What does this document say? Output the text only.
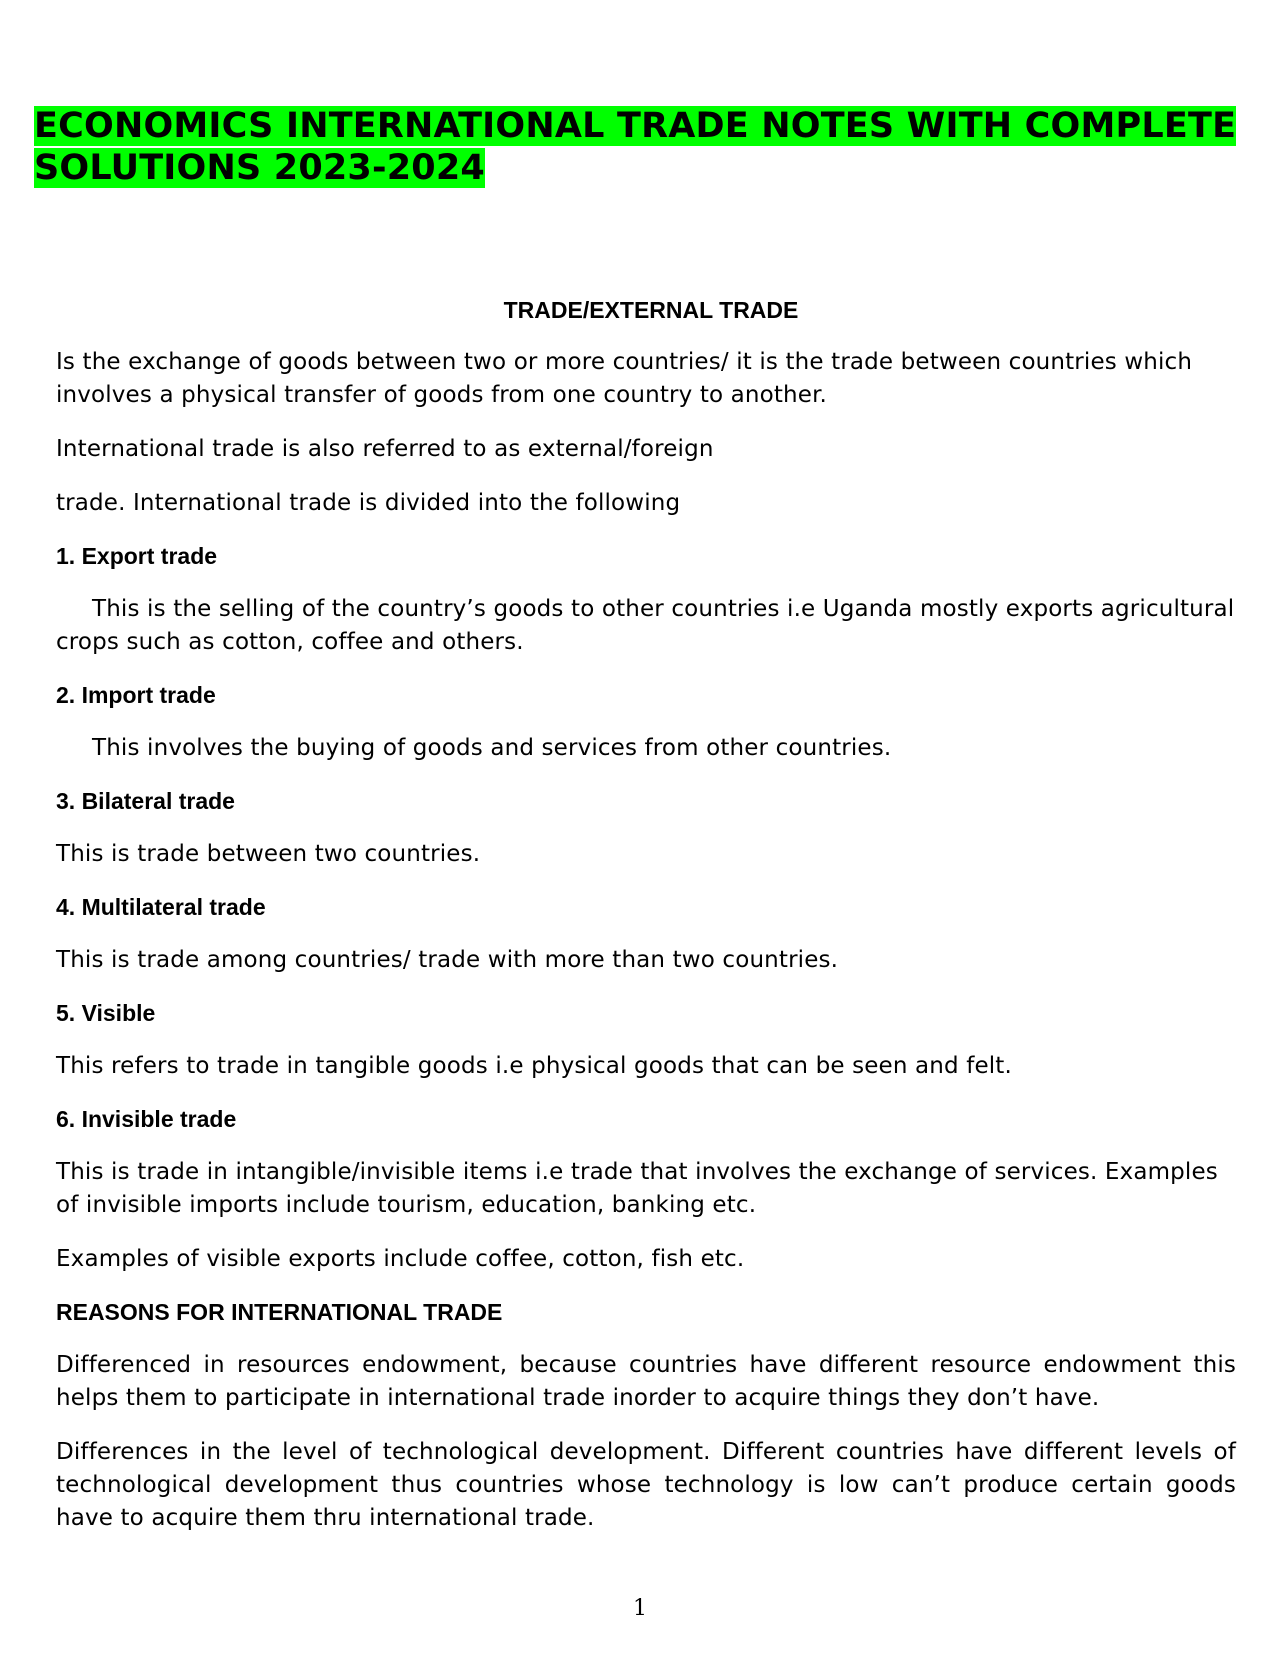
ECONOMICS INTERNATIONAL TRADE NOTES WITH COMPLETE SOLUTIONS 2023-2024
TRADE/EXTERNAL TRADE

Is the exchange of goods between two or more countries/ it is the trade between countries which involves a physical transfer of goods from one country to another.

International trade is also referred to as external/foreign

trade. International trade is divided into the following

1. Export trade

This is the selling of the country’s goods to other countries i.e Uganda mostly exports agricultural crops such as cotton, coffee and others.

2. Import trade

This involves the buying of goods and services from other countries.

3. Bilateral trade

This is trade between two countries.

4. Multilateral trade

This is trade among countries/ trade with more than two countries.

5. Visible

This refers to trade in tangible goods i.e physical goods that can be seen and felt.

6. Invisible trade

This is trade in intangible/invisible items i.e trade that involves the exchange of services. Examples of invisible imports include tourism, education, banking etc.

Examples of visible exports include coffee, cotton, fish etc.

REASONS FOR INTERNATIONAL TRADE

Differenced in resources endowment, because countries have different resource endowment this helps them to participate in international trade inorder to acquire things they don’t have.

Differences in the level of technological development. Different countries have different levels of technological development thus countries whose technology is low can’t produce certain goods have to acquire them thru international trade.

1
